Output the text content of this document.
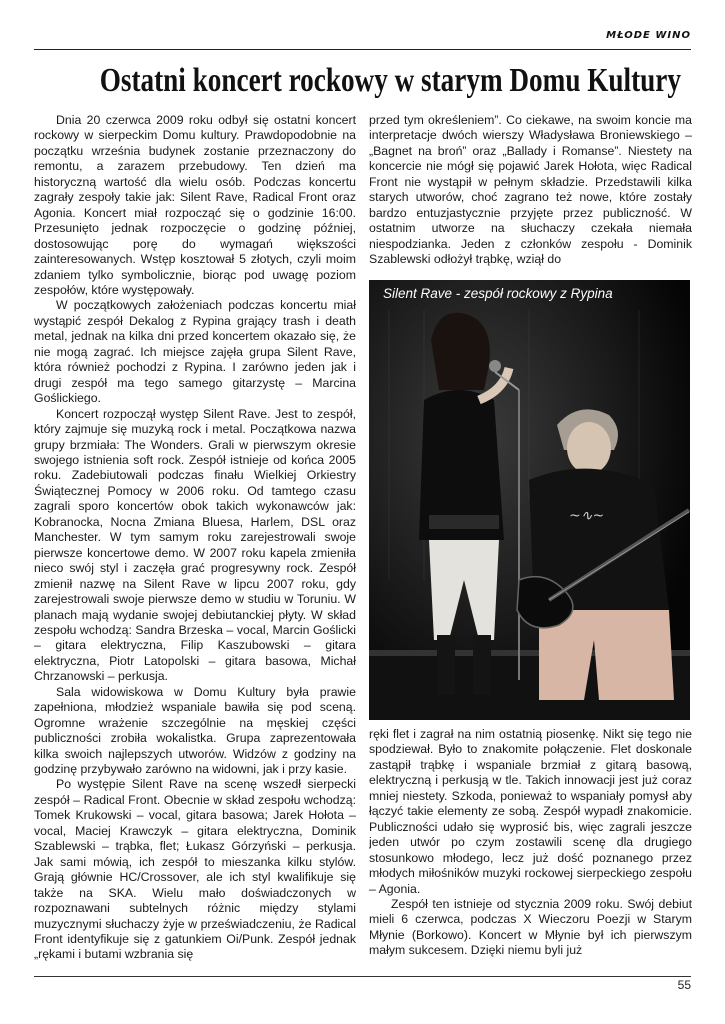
MŁODE WINO
Ostatni koncert rockowy w starym Domu Kultury

Dnia 20 czerwca 2009 roku odbył się ostatni koncert rockowy w sierpeckim Domu kultury. Prawdopodobnie na początku września budynek zostanie przeznaczony do remontu, a zarazem przebudowy. Ten dzień ma historyczną wartość dla wielu osób. Podczas koncertu zagrały zespoły takie jak: Silent Rave, Radical Front oraz Agonia. Koncert miał rozpocząć się o godzinie 16:00. Przesunięto jednak rozpoczęcie o godzinę później, dostosowując porę do wymagań większości zainteresowanych. Wstęp kosztował 5 złotych, czyli moim zdaniem tylko symbolicznie, biorąc pod uwagę poziom zespołów, które występowały.

W początkowych założeniach podczas koncertu miał wystąpić zespół Dekalog z Rypina grający trash i death metal, jednak na kilka dni przed koncertem okazało się, że nie mogą zagrać. Ich miejsce zajęła grupa Silent Rave, która również pochodzi z Rypina. I zarówno jeden jak i drugi zespół ma tego samego gitarzystę – Marcina Goślickiego.

Koncert rozpoczął występ Silent Rave. Jest to zespół, który zajmuje się muzyką rock i metal. Początkowa nazwa grupy brzmiała: The Wonders. Grali w pierwszym okresie swojego istnienia soft rock. Zespół istnieje od końca 2005 roku. Zadebiutowali podczas finału Wielkiej Orkiestry Świątecznej Pomocy w 2006 roku. Od tamtego czasu zagrali sporo koncertów obok takich wykonawców jak: Kobranocka, Nocna Zmiana Bluesa, Harlem, DSL oraz Manchester. W tym samym roku zarejestrowali swoje pierwsze koncertowe demo. W 2007 roku kapela zmieniła nieco swój styl i zaczęła grać progresywny rock. Zespół zmienił nazwę na Silent Rave w lipcu 2007 roku, gdy zarejestrowali swoje pierwsze demo w studiu w Toruniu. W planach mają wydanie swojej debiutanckiej płyty. W skład zespołu wchodzą: Sandra Brzeska – vocal, Marcin Goślicki – gitara elektryczna, Filip Kaszubowski – gitara elektryczna, Piotr Latopolski – gitara basowa, Michał Chrzanowski – perkusja.

Sala widowiskowa w Domu Kultury była prawie zapełniona, młodzież wspaniale bawiła się pod sceną. Ogromne wrażenie szczególnie na męskiej części publiczności zrobiła wokalistka. Grupa zaprezentowała kilka swoich najlepszych utworów. Widzów z godziny na godzinę przybywało zarówno na widowni, jak i przy kasie.

Po występie Silent Rave na scenę wszedł sierpecki zespół – Radical Front. Obecnie w skład zespołu wchodzą: Tomek Krukowski – vocal, gitara basowa; Jarek Hołota – vocal, Maciej Krawczyk – gitara elektryczna, Dominik Szablewski – trąbka, flet; Łukasz Górzyński – perkusja. Jak sami mówią, ich zespół to mieszanka kilku stylów. Grają głównie HC/Crossover, ale ich styl kwalifikuje się także na SKA. Wielu mało doświadczonych w rozpoznawani subtelnych różnic między stylami muzycznymi słuchaczy żyje w przeświadczeniu, że Radical Front identyfikuje się z gatunkiem Oi/Punk. Zespół jednak „rękami i butami wzbrania się

przed tym określeniem”. Co ciekawe, na swoim koncie ma interpretacje dwóch wierszy Władysława Broniewskiego – „Bagnet na broń” oraz „Ballady i Romanse”. Niestety na koncercie nie mógł się pojawić Jarek Hołota, więc Radical Front nie wystąpił w pełnym składzie. Przedstawili kilka starych utworów, choć zagrano też nowe, które zostały bardzo entuzjastycznie przyjęte przez publiczność. W ostatnim utworze na słuchaczy czekała niemała niespodzianka. Jeden z członków zespołu - Dominik Szablewski odłożył trąbkę, wziął do

~∿~
Silent Rave - zespół rockowy z Rypina

ręki flet i zagrał na nim ostatnią piosenkę. Nikt się tego nie spodziewał. Było to znakomite połączenie. Flet doskonale zastąpił trąbkę i wspaniale brzmiał z gitarą basową, elektryczną i perkusją w tle. Takich innowacji jest już coraz mniej niestety. Szkoda, ponieważ to wspaniały pomysł aby łączyć takie elementy ze sobą. Zespół wypadł znakomicie. Publiczności udało się wyprosić bis, więc zagrali jeszcze jeden utwór po czym zostawili scenę dla drugiego stosunkowo młodego, lecz już dość poznanego przez młodych miłośników muzyki rockowej sierpeckiego zespołu – Agonia.

Zespół ten istnieje od stycznia 2009 roku. Swój debiut mieli 6 czerwca, podczas X Wieczoru Poezji w Starym Młynie (Borkowo). Koncert w Młynie był ich pierwszym małym sukcesem. Dzięki niemu byli już

55
